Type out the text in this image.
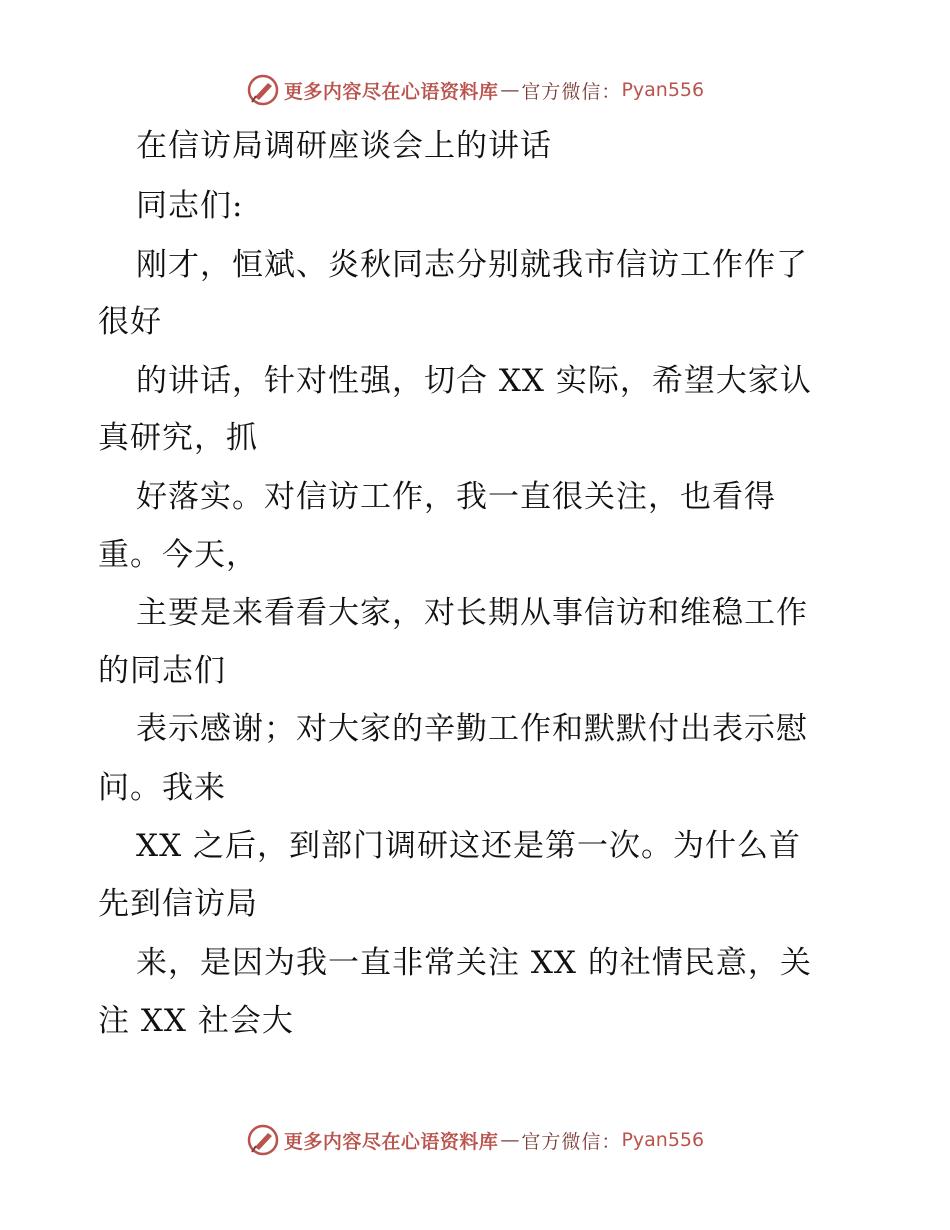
更多内容尽在心语资料库 — 官方微信： Pyan556
在信访局调研座谈会上的讲话
同志们:
刚才，恒斌、炎秋同志分别就我市信访工作作了
很好
的讲话，针对性强，切合 XX 实际，希望大家认
真研究，抓
好落实。对信访工作，我一直很关注，也看得
重。今天，
主要是来看看大家，对长期从事信访和维稳工作
的同志们
表示感谢；对大家的辛勤工作和默默付出表示慰
问。我来
XX 之后，到部门调研这还是第一次。为什么首
先到信访局
来，是因为我一直非常关注 XX 的社情民意，关
注 XX 社会大
更多内容尽在心语资料库 — 官方微信： Pyan556
